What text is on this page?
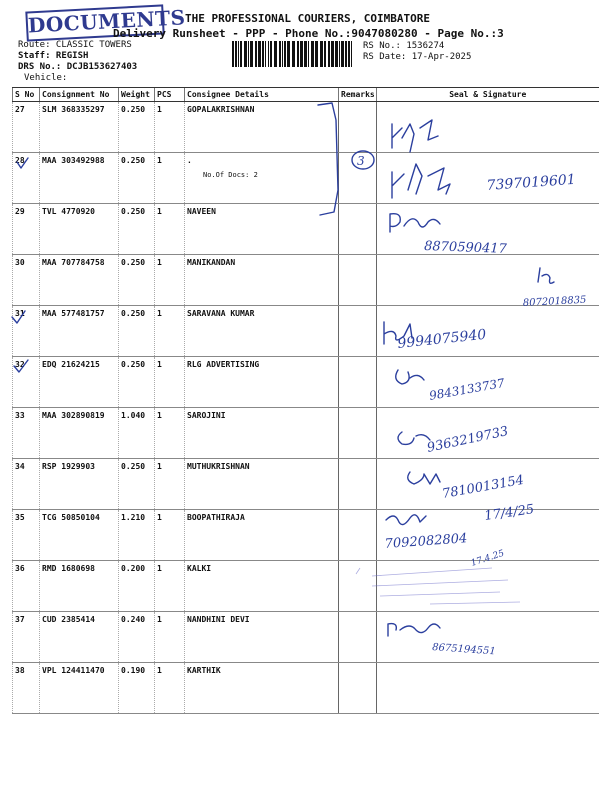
DOCUMENTS
THE PROFESSIONAL COURIERS, COIMBATORE
Delivery Runsheet - PPP - Phone No.:9047080280 - Page No.:3
Route: CLASSIC TOWERS
Staff: REGISH
DRS No.: DCJB153627403
Vehicle:
RS No.: 1536274
RS Date: 17-Apr-2025
S No	Consignment No	Weight	PCS	Consignee Details	Remarks	Seal & Signature
27	SLM 368335297	0.250	1	GOPALAKRISHNAN		
28	MAA 303492988	0.250	1	.
No.Of Docs: 2		

29	TVL 4770920	0.250	1	NAVEEN		
30	MAA 707784758	0.250	1	MANIKANDAN		
31	MAA 577481757	0.250	1	SARAVANA KUMAR		
32	EDQ 21624215	0.250	1	RLG ADVERTISING		
33	MAA 302890819	1.040	1	SAROJINI		
34	RSP 1929903	0.250	1	MUTHUKRISHNAN		
35	TCG 50850104	1.210	1	BOOPATHIRAJA		
36	RMD 1680698	0.200	1	KALKI		
37	CUD 2385414	0.240	1	NANDHINI DEVI		
38	VPL 124411470	0.190	1	KARTHIK		
3
7397019601
8870590417
8072018835
9994075940
9843133737
9363219733
7810013154
17/4/25
7092082804
17.4.25
8675194551
